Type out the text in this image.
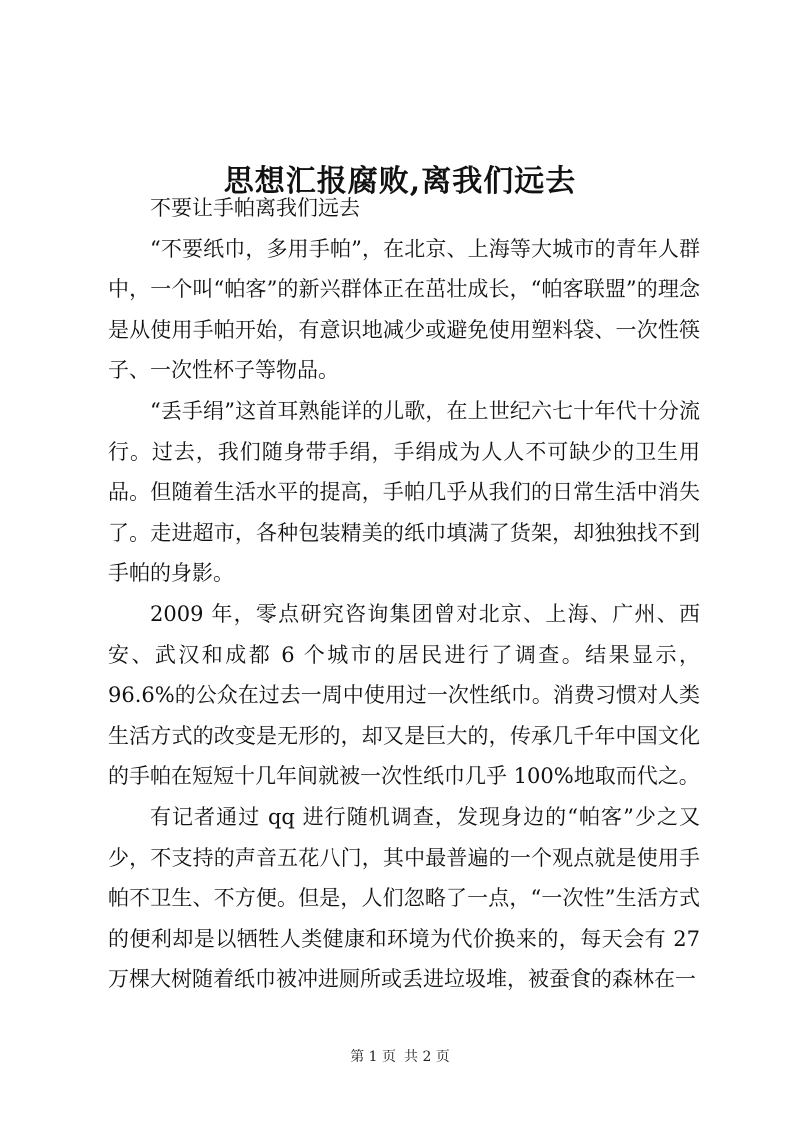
思想汇报腐败,离我们远去

不要让手帕离我们远去

“不要纸巾，多用手帕”，在北京、上海等大城市的青年人群中，一个叫“帕客”的新兴群体正在茁壮成长，“帕客联盟”的理念是从使用手帕开始，有意识地减少或避免使用塑料袋、一次性筷子、一次性杯子等物品。

“丢手绢”这首耳熟能详的儿歌，在上世纪六七十年代十分流行。过去，我们随身带手绢，手绢成为人人不可缺少的卫生用品。但随着生活水平的提高，手帕几乎从我们的日常生活中消失了。走进超市，各种包装精美的纸巾填满了货架，却独独找不到手帕的身影。

2009 年，零点研究咨询集团曾对北京、上海、广州、西安、武汉和成都 6 个城市的居民进行了调查。结果显示，96.6%的公众在过去一周中使用过一次性纸巾。消费习惯对人类生活方式的改变是无形的，却又是巨大的，传承几千年中国文化的手帕在短短十几年间就被一次性纸巾几乎 100%地取而代之。

有记者通过 qq 进行随机调查，发现身边的“帕客”少之又少，不支持的声音五花八门，其中最普遍的一个观点就是使用手帕不卫生、不方便。但是，人们忽略了一点，“一次性”生活方式的便利却是以牺牲人类健康和环境为代价换来的，每天会有 27 万棵大树随着纸巾被冲进厕所或丢进垃圾堆，被蚕食的森林在一

第 1 页 共 2 页
